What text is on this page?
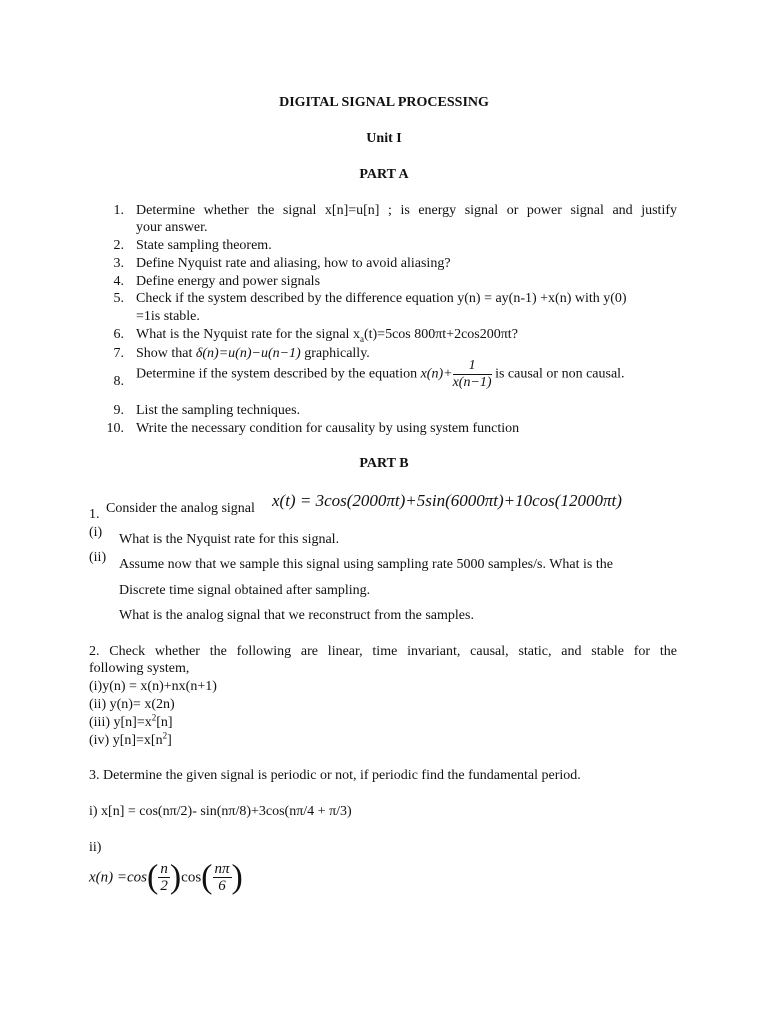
DIGITAL SIGNAL PROCESSING
Unit I
PART A
1. Determine whether the signal x[n]=u[n] ; is energy signal or power signal and justify
your answer.
2. State sampling theorem.
3. Define Nyquist rate and aliasing, how to avoid aliasing?
4. Define energy and power signals
5. Check if the system described by the difference equation y(n) = ay(n-1) +x(n) with y(0)
=1is stable.
6. What is the Nyquist rate for the signal $x_a(t)=5\cos$ 800πt+2cos200πt?
7. Show that δ(n)=u(n)−u(n−1) graphically.
8. Determine if the system described by the equation $x(n)+ \frac{1}{x(n-1)}$ is causal or non causal.
9. List the sampling techniques.
10. Write the necessary condition for causality by using system function
PART B
1. Consider the analog signal x(t) = 3cos(2000πt)+5sin(6000πt)+10cos(12000πt)
(i) What is the Nyquist rate for this signal.
(ii) Assume now that we sample this signal using sampling rate 5000 samples/s. What is the
Discrete time signal obtained after sampling.
What is the analog signal that we reconstruct from the samples.
2. Check whether the following are linear, time invariant, causal, static, and stable for the
following system,
(i)y(n) = x(n)+nx(n+1)
(ii) y(n)= x(2n)
(iii) $y[n]=x^2[n]$
(iv) $y[n]=x[n^2]$
3. Determine the given signal is periodic or not, if periodic find the fundamental period.
i) x[n] = cos(nπ/2)- sin(nπ/8)+3cos(nπ/4 + π/3)
ii)
$x(n) =\cos( \frac{n}{2} )\cos( \frac{n\pi}{6}$ )
